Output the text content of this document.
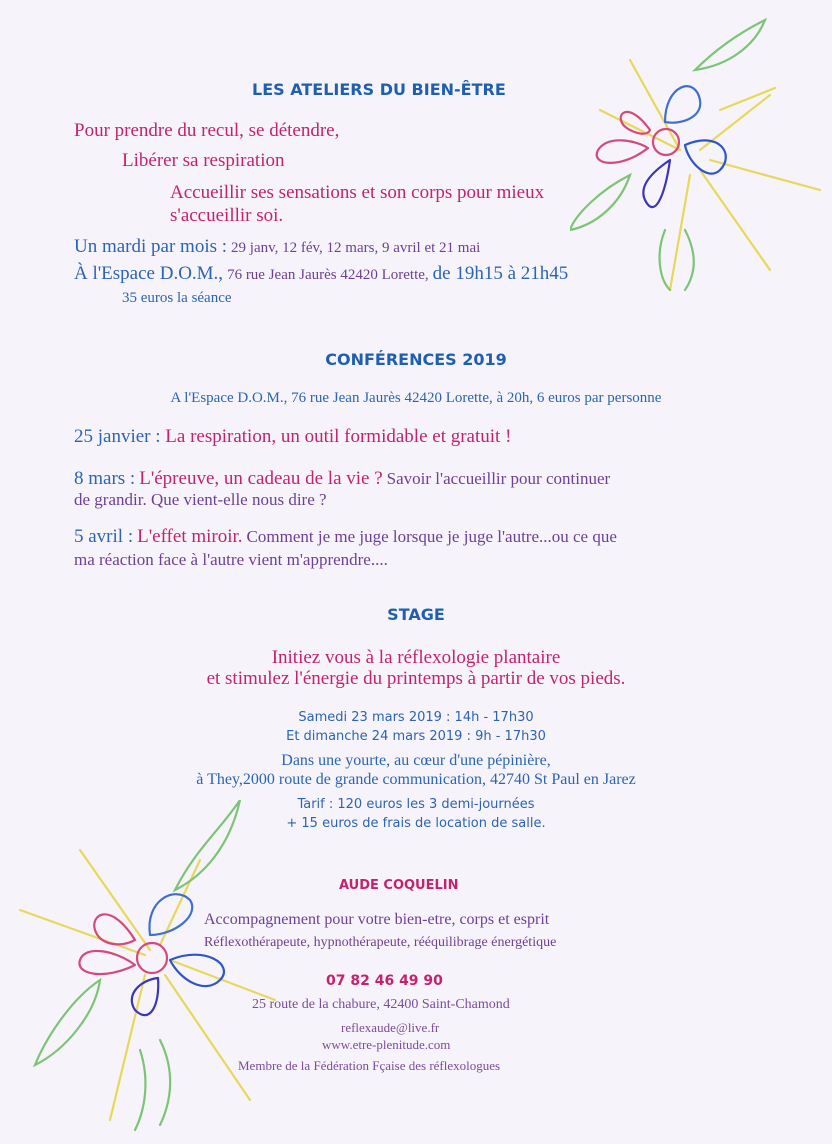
LES ATELIERS DU BIEN-ÊTRE
Pour prendre du recul, se détendre,
Libérer sa respiration
Accueillir ses sensations et son corps pour mieux
s'accueillir soi.
Un mardi par mois : 29 janv, 12 fév, 12 mars, 9 avril et 21 mai
À l'Espace D.O.M., 76 rue Jean Jaurès 42420 Lorette, de 19h15 à 21h45
35 euros la séance
CONFÉRENCES 2019
A l'Espace D.O.M., 76 rue Jean Jaurès 42420 Lorette, à 20h, 6 euros par personne
25 janvier : La respiration, un outil formidable et gratuit !
8 mars : L'épreuve, un cadeau de la vie ? Savoir l'accueillir pour continuer
de grandir. Que vient-elle nous dire ?
5 avril : L'effet miroir. Comment je me juge lorsque je juge l'autre...ou ce que
ma réaction face à l'autre vient m'apprendre....
STAGE
Initiez vous à la réflexologie plantaire
et stimulez l'énergie du printemps à partir de vos pieds.
Samedi 23 mars 2019 : 14h - 17h30
Et dimanche 24 mars 2019 : 9h - 17h30
Dans une yourte, au cœur d'une pépinière,
à They,2000 route de grande communication, 42740 St Paul en Jarez
Tarif : 120 euros les 3 demi-journées
+ 15 euros de frais de location de salle.
AUDE COQUELIN
Accompagnement pour votre bien-etre, corps et esprit
Réflexothérapeute, hypnothérapeute, rééquilibrage énergétique
07 82 46 49 90
25 route de la chabure, 42400 Saint-Chamond
reflexaude@live.fr
www.etre-plenitude.com
Membre de la Fédération Fçaise des réflexologues
